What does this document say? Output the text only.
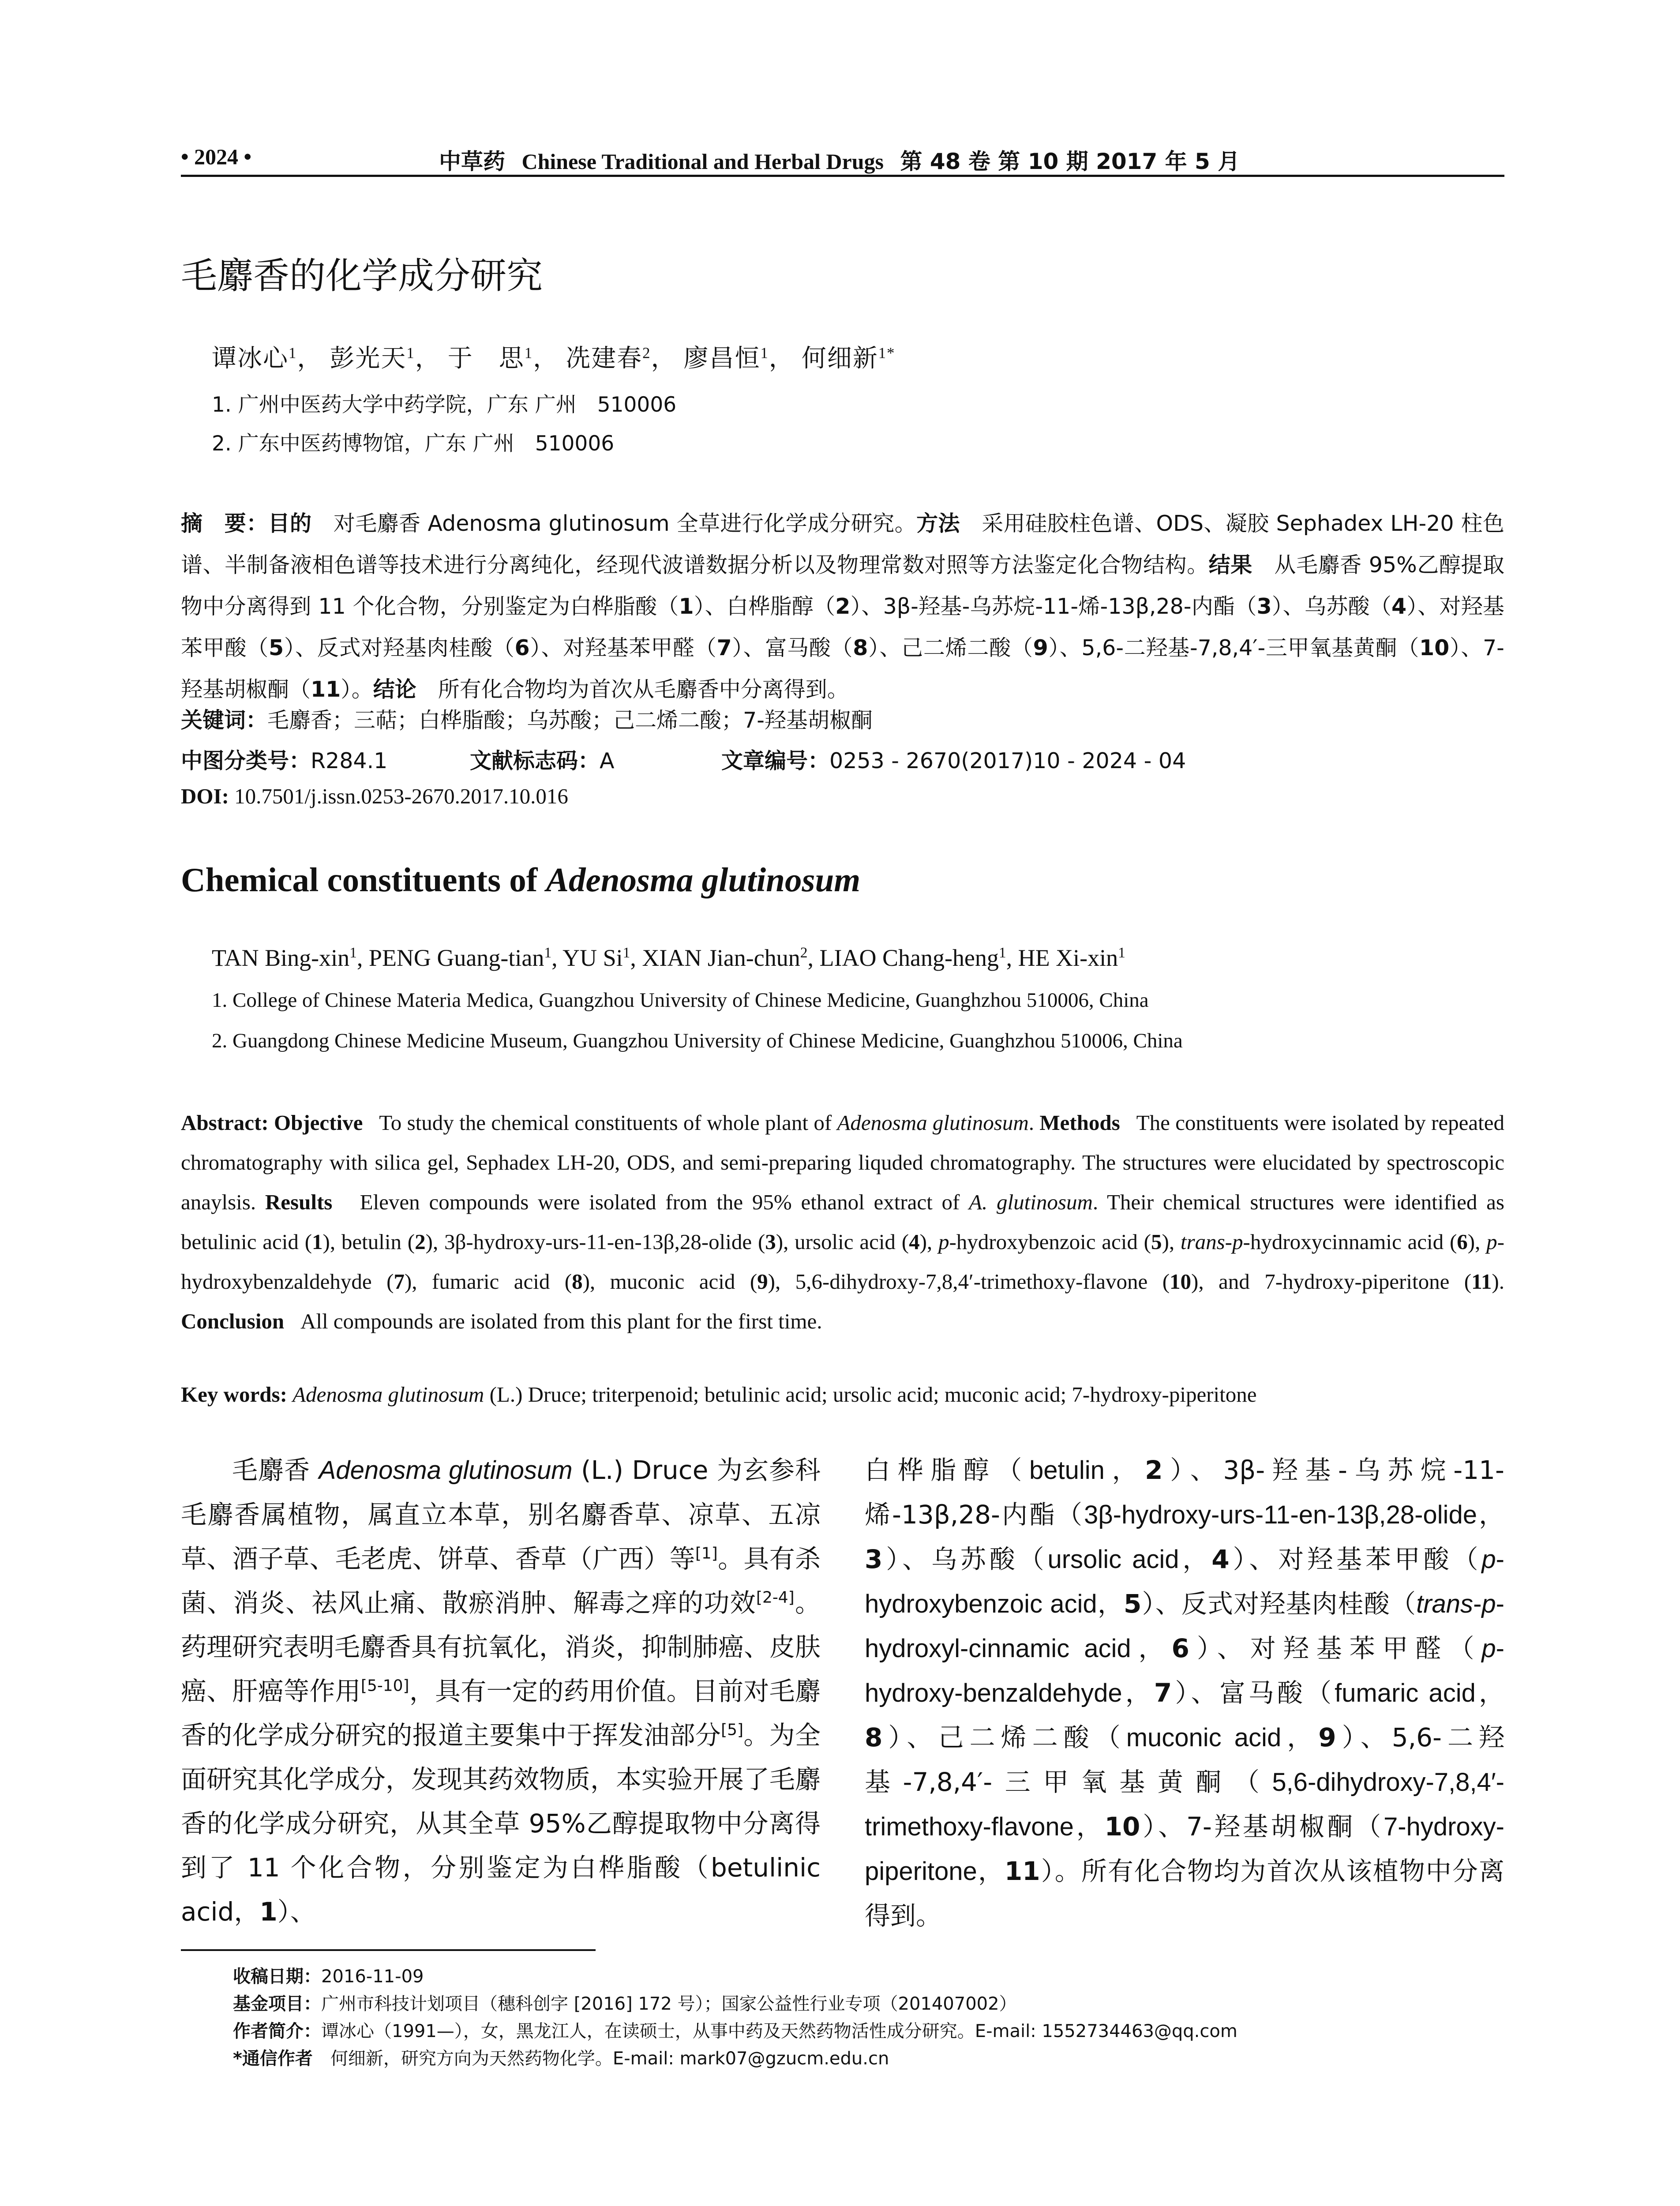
• 2024 •	中草药 Chinese Traditional and Herbal Drugs 第 48 卷 第 10 期 2017 年 5 月
毛麝香的化学成分研究
谭冰心$^1$， 彭光天$^1$， 于　思$^1$， 冼建春$^2$， 廖昌恒$^1$， 何细新$^{1*}$
1. 广州中医药大学中药学院，广东 广州　510006
2. 广东中医药博物馆，广东 广州　510006
摘　要：目的　 对毛麝香 Adenosma glutinosum 全草进行化学成分研究。方法　 采用硅胶柱色谱、ODS、凝胶 Sephadex LH-20 柱色谱、半制备液相色谱等技术进行分离纯化，经现代波谱数据分析以及物理常数对照等方法鉴定化合物结构。结果　 从毛麝香 95%乙醇提取物中分离得到 11 个化合物，分别鉴定为白桦脂酸（1）、白桦脂醇（2）、3β-羟基-乌苏烷-11-烯-13β,28-内酯（3）、乌苏酸（4）、对羟基苯甲酸（5）、反式对羟基肉桂酸（6）、对羟基苯甲醛（7）、富马酸（8）、己二烯二酸（9）、5,6-二羟基-7,8,4′-三甲氧基黄酮（10）、7-羟基胡椒酮（11）。结论　 所有化合物均为首次从毛麝香中分离得到。
关键词：毛麝香；三萜；白桦脂酸；乌苏酸；己二烯二酸；7-羟基胡椒酮
中图分类号：R284.1	文献标志码：A	文章编号：0253 - 2670(2017)10 - 2024 - 04
DOI: 10.7501/j.issn.0253-2670.2017.10.016
Chemical constituents of Adenosma glutinosum
TAN Bing-xin$^1$, PENG Guang-tian$^1$, YU Si$^1$, XIAN Jian-chun$^2$, LIAO Chang-heng$^1$, HE Xi-xin$^1$
1. College of Chinese Materia Medica, Guangzhou University of Chinese Medicine, Guanghzhou 510006, China
2. Guangdong Chinese Medicine Museum, Guangzhou University of Chinese Medicine, Guanghzhou 510006, China
Abstract: Objective To study the chemical constituents of whole plant of Adenosma glutinosum. Methods The constituents were isolated by repeated chromatography with silica gel, Sephadex LH-20, ODS, and semi-preparing liquded chromatography. The structures were elucidated by spectroscopic anaylsis. Results Eleven compounds were isolated from the 95% ethanol extract of A. glutinosum. Their chemical structures were identified as betulinic acid (1), betulin (2), 3β-hydroxy-urs-11-en-13β,28-olide (3), ursolic acid (4), p-hydroxybenzoic acid (5), trans-p-hydroxycinnamic acid (6), p-hydroxybenzaldehyde (7), fumaric acid (8), muconic acid (9), 5,6-dihydroxy-7,8,4′-trimethoxy-flavone (10), and 7-hydroxy-piperitone (11). Conclusion All compounds are isolated from this plant for the first time.
Key words: Adenosma glutinosum (L.) Druce; triterpenoid; betulinic acid; ursolic acid; muconic acid; 7-hydroxy-piperitone
毛麝香 Adenosma glutinosum (L.) Druce 为玄参科毛麝香属植物，属直立本草，别名麝香草、凉草、五凉草、酒子草、毛老虎、饼草、香草（广西）等[1]。具有杀菌、消炎、祛风止痛、散瘀消肿、解毒之痒的功效[2-4]。药理研究表明毛麝香具有抗氧化，消炎，抑制肺癌、皮肤癌、肝癌等作用[5-10]，具有一定的药用价值。目前对毛麝香的化学成分研究的报道主要集中于挥发油部分[5]。为全面研究其化学成分，发现其药效物质，本实验开展了毛麝香的化学成分研究，从其全草 95%乙醇提取物中分离得到了 11 个化合物，分别鉴定为白桦脂酸（betulinic acid，1）、
白桦脂醇（betulin，2）、3β-羟基-乌苏烷-11-烯-13β,28-内酯（3β-hydroxy-urs-11-en-13β,28-olide，3）、乌苏酸（ursolic acid，4）、对羟基苯甲酸（p-hydroxybenzoic acid，5）、反式对羟基肉桂酸（trans-p-hydroxyl-cinnamic acid，6）、对羟基苯甲醛（p-hydroxy-benzaldehyde，7）、富马酸（fumaric acid，8）、己二烯二酸（muconic acid，9）、5,6-二羟基-7,8,4′-三甲氧基黄酮（5,6-dihydroxy-7,8,4′-trimethoxy-flavone，10）、7-羟基胡椒酮（7-hydroxy-piperitone，11）。所有化合物均为首次从该植物中分离得到。
收稿日期：2016-11-09
基金项目：广州市科技计划项目（穗科创字 [2016] 172 号）；国家公益性行业专项（201407002）
作者简介：谭冰心（1991—），女，黑龙江人，在读硕士，从事中药及天然药物活性成分研究。E-mail: 1552734463@qq.com
*通信作者　 何细新，研究方向为天然药物化学。E-mail: mark07@gzucm.edu.cn
